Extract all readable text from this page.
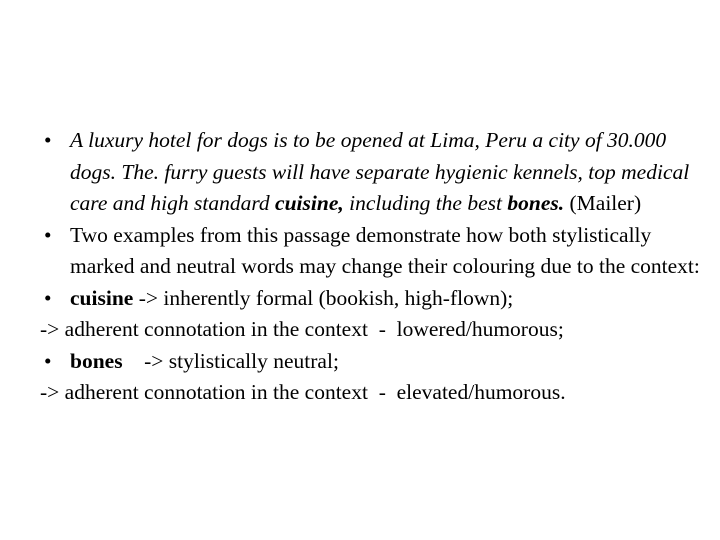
• A luxury hotel for dogs is to be opened at Lima, Peru a city of 30.000 dogs. The. furry guests will have separate hygienic kennels, top medical care and high standard cuisine, including the best bones. (Mailer)
• Two examples from this passage demonstrate how both stylistically marked and neutral words may change their colouring due to the context:
• cuisine -> inherently formal (bookish, high-flown);
-> adherent connotation in the context  -  lowered/humorous;
• bones    -> stylistically neutral;
-> adherent connotation in the context  -  elevated/humorous.
